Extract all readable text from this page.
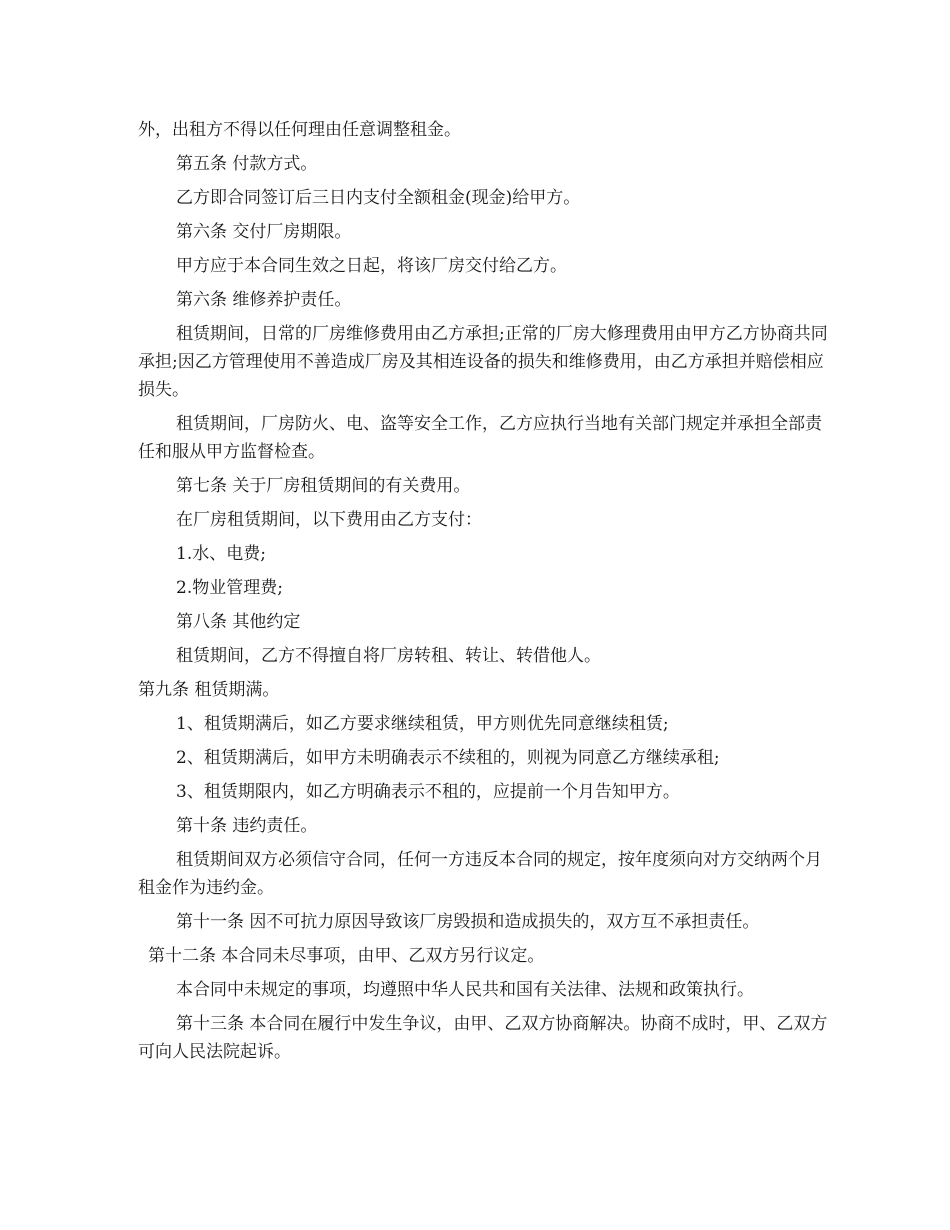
外，出租方不得以任何理由任意调整租金。

第五条 付款方式。

乙方即合同签订后三日内支付全额租金(现金)给甲方。

第六条 交付厂房期限。

甲方应于本合同生效之日起，将该厂房交付给乙方。

第六条 维修养护责任。

租赁期间，日常的厂房维修费用由乙方承担;正常的厂房大修理费用由甲方乙方协商共同承担;因乙方管理使用不善造成厂房及其相连设备的损失和维修费用，由乙方承担并赔偿相应损失。

租赁期间，厂房防火、电、盗等安全工作，乙方应执行当地有关部门规定并承担全部责任和服从甲方监督检查。

第七条 关于厂房租赁期间的有关费用。

在厂房租赁期间，以下费用由乙方支付：

1.水、电费;

2.物业管理费;

第八条 其他约定

租赁期间，乙方不得擅自将厂房转租、转让、转借他人。

第九条 租赁期满。

1、租赁期满后，如乙方要求继续租赁，甲方则优先同意继续租赁;

2、租赁期满后，如甲方未明确表示不续租的，则视为同意乙方继续承租;

3、租赁期限内，如乙方明确表示不租的，应提前一个月告知甲方。

第十条 违约责任。

租赁期间双方必须信守合同，任何一方违反本合同的规定，按年度须向对方交纳两个月租金作为违约金。

第十一条 因不可抗力原因导致该厂房毁损和造成损失的，双方互不承担责任。

第十二条 本合同未尽事项，由甲、乙双方另行议定。

本合同中未规定的事项，均遵照中华人民共和国有关法律、法规和政策执行。

第十三条 本合同在履行中发生争议，由甲、乙双方协商解决。协商不成时，甲、乙双方可向人民法院起诉。
